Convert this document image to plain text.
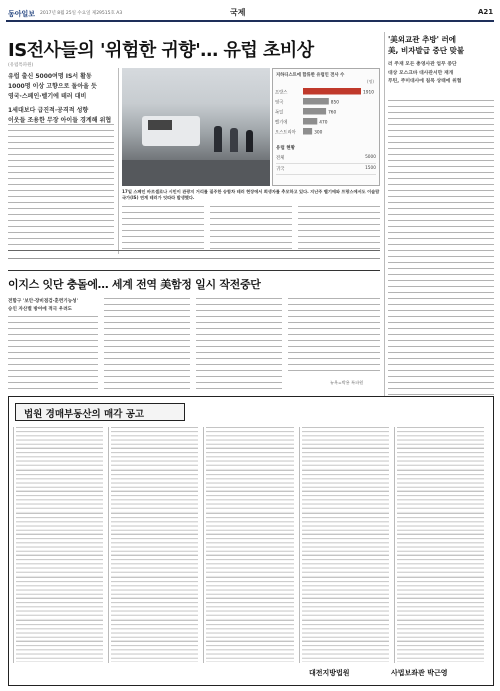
동아일보 2017년 8월 25일 수요일 제29515호 A3	국제	A21
IS전사들의 '위험한 귀향'… 유럽 초비상
(유럽특파원)
유럽 출신 5000여명 IS서 활동
1000명 이상 고향으로 돌아올 듯
영국·스페인·벨기에 테러 대비
1세대보다 급진적·공격적 성향
이웃들 조용한 무장 아이들 경계해 위협
지하디스트에 합류한 유럽인 전사 수
(명)
프랑스	1910
영국	850
독일	760
벨기에	470
오스트리아	300
유럽 현황
전체	5000
귀국	1500
17일 스페인 바르셀로나 시민이 관광지 거리를 질주한 승합차 테러 현장에서 희생자를 추모하고 있다. 지난주 벨기에와 프랑스에서도 이슬람국가(IS) 연계 테러가 잇따라 발생했다.
'美외교관 추방' 러에
美, 비자발급 중단 맞불
러 주재 모든 총영사관 업무 중단
대상 모스크바 대사관서만 재개
푸틴, 주미대사에 침묵 상태에 위협
이지스 잇단 충돌에… 세계 전역 美함정 일시 작전중단
전함구 '보안·장비점검·훈련기능성'
승인 자산별 방어에 적극 우려도
뉴욕=박용 특파원
법원 경매부동산의 매각 공고
대전지방법원	사법보좌관 박근영
